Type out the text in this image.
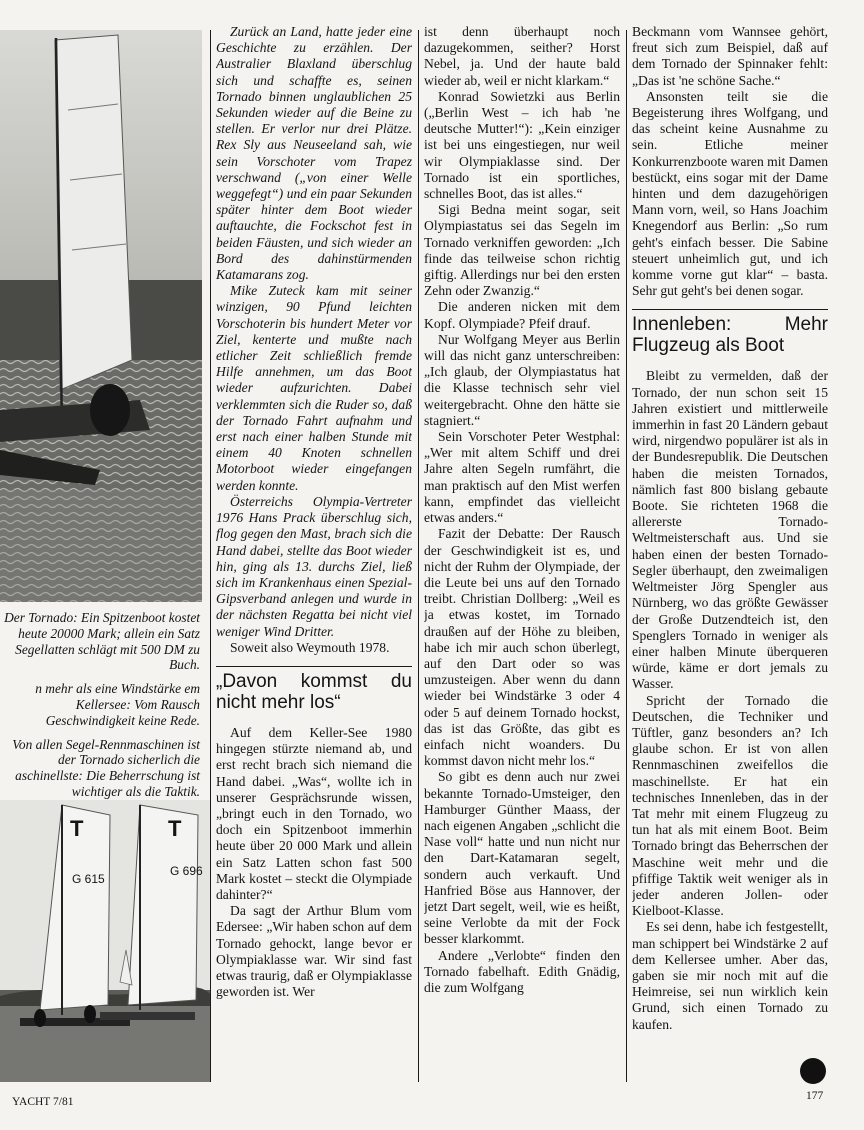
Der Tornado: Ein Spitzenboot kostet heute 20000 Mark; allein ein Satz Segellatten schlägt mit 500 DM zu Buch.

n mehr als eine Windstärke em Kellersee: Vom Rausch Geschwindigkeit keine Rede.

Von allen Segel-Rennmaschinen ist der Tornado sicherlich die aschinellste: Die Beherrschung ist wichtiger als die Taktik.

T
G 615
T
G 696

Zurück an Land, hatte jeder eine Geschichte zu erzählen. Der Australier Blaxland überschlug sich und schaffte es, seinen Tornado binnen unglaublichen 25 Sekunden wieder auf die Beine zu stellen. Er verlor nur drei Plätze. Rex Sly aus Neuseeland sah, wie sein Vorschoter vom Trapez verschwand („von einer Welle weggefegt“) und ein paar Sekunden später hinter dem Boot wieder auftauchte, die Fockschot fest in beiden Fäusten, und sich wieder an Bord des dahinstürmenden Katamarans zog.

Mike Zuteck kam mit seiner winzigen, 90 Pfund leichten Vorschoterin bis hundert Meter vor Ziel, kenterte und mußte nach etlicher Zeit schließlich fremde Hilfe annehmen, um das Boot wieder aufzurichten. Dabei verklemmten sich die Ruder so, daß der Tornado Fahrt aufnahm und erst nach einer halben Stunde mit einem 40 Knoten schnellen Motorboot wieder eingefangen werden konnte.

Österreichs Olympia-Vertreter 1976 Hans Prack überschlug sich, flog gegen den Mast, brach sich die Hand dabei, stellte das Boot wieder hin, ging als 13. durchs Ziel, ließ sich im Krankenhaus einen Spezial-Gipsverband anlegen und wurde in der nächsten Regatta bei nicht viel weniger Wind Dritter.

Soweit also Weymouth 1978.

„Davon kommst du nicht mehr los“

Auf dem Keller-See 1980 hingegen stürzte niemand ab, und erst recht brach sich niemand die Hand dabei. „Was“, wollte ich in unserer Gesprächsrunde wissen, „bringt euch in den Tornado, wo doch ein Spitzenboot immerhin heute über 20 000 Mark und allein ein Satz Latten schon fast 500 Mark kostet – steckt die Olympiade dahinter?“

Da sagt der Arthur Blum vom Edersee: „Wir haben schon auf dem Tornado gehockt, lange bevor er Olympiaklasse war. Wir sind fast etwas traurig, daß er Olympiaklasse geworden ist. Wer

ist denn überhaupt noch dazugekommen, seither? Horst Nebel, ja. Und der haute bald wieder ab, weil er nicht klarkam.“

Konrad Sowietzki aus Berlin („Berlin West – ich hab 'ne deutsche Mutter!“): „Kein einziger ist bei uns eingestiegen, nur weil wir Olympiaklasse sind. Der Tornado ist ein sportliches, schnelles Boot, das ist alles.“

Sigi Bedna meint sogar, seit Olympiastatus sei das Segeln im Tornado verkniffen geworden: „Ich finde das teilweise schon richtig giftig. Allerdings nur bei den ersten Zehn oder Zwanzig.“

Die anderen nicken mit dem Kopf. Olympiade? Pfeif drauf.

Nur Wolfgang Meyer aus Berlin will das nicht ganz unterschreiben: „Ich glaub, der Olympiastatus hat die Klasse technisch sehr viel weitergebracht. Ohne den hätte sie stagniert.“

Sein Vorschoter Peter Westphal: „Wer mit altem Schiff und drei Jahre alten Segeln rumfährt, die man praktisch auf den Mist werfen kann, empfindet das vielleicht etwas anders.“

Fazit der Debatte: Der Rausch der Geschwindigkeit ist es, und nicht der Ruhm der Olympiade, der die Leute bei uns auf den Tornado treibt. Christian Dollberg: „Weil es ja etwas kostet, im Tornado draußen auf der Höhe zu bleiben, habe ich mir auch schon überlegt, auf den Dart oder so was umzusteigen. Aber wenn du dann wieder bei Windstärke 3 oder 4 oder 5 auf deinem Tornado hockst, das ist das Größte, das gibt es einfach nicht woanders. Du kommst davon nicht mehr los.“

So gibt es denn auch nur zwei bekannte Tornado-Umsteiger, den Hamburger Günther Maass, der nach eigenen Angaben „schlicht die Nase voll“ hatte und nun nicht nur den Dart-Katamaran segelt, sondern auch verkauft. Und Hanfried Böse aus Hannover, der jetzt Dart segelt, weil, wie es heißt, seine Verlobte da mit der Fock besser klarkommt.

Andere „Verlobte“ finden den Tornado fabelhaft. Edith Gnädig, die zum Wolfgang

Beckmann vom Wannsee gehört, freut sich zum Beispiel, daß auf dem Tornado der Spinnaker fehlt: „Das ist 'ne schöne Sache.“

Ansonsten teilt sie die Begeisterung ihres Wolfgang, und das scheint keine Ausnahme zu sein. Etliche meiner Konkurrenzboote waren mit Damen bestückt, eins sogar mit der Dame hinten und dem dazugehörigen Mann vorn, weil, so Hans Joachim Knegendorf aus Berlin: „So rum geht's einfach besser. Die Sabine steuert unheimlich gut, und ich komme vorne gut klar“ – basta. Sehr gut geht's bei denen sogar.

Innenleben: Mehr Flugzeug als Boot

Bleibt zu vermelden, daß der Tornado, der nun schon seit 15 Jahren existiert und mittlerweile immerhin in fast 20 Ländern gebaut wird, nirgendwo populärer ist als in der Bundesrepublik. Die Deutschen haben die meisten Tornados, nämlich fast 800 bislang gebaute Boote. Sie richteten 1968 die allererste Tornado-Weltmeisterschaft aus. Und sie haben einen der besten Tornado-Segler überhaupt, den zweimaligen Weltmeister Jörg Spengler aus Nürnberg, wo das größte Gewässer der Große Dutzendteich ist, den Spenglers Tornado in weniger als einer halben Minute überqueren würde, käme er dort jemals zu Wasser.

Spricht der Tornado die Deutschen, die Techniker und Tüftler, ganz besonders an? Ich glaube schon. Er ist von allen Rennmaschinen zweifellos die maschinellste. Er hat ein technisches Innenleben, das in der Tat mehr mit einem Flugzeug zu tun hat als mit einem Boot. Beim Tornado bringt das Beherrschen der Maschine weit mehr und die pfiffige Taktik weit weniger als in jeder anderen Jollen- oder Kielboot-Klasse.

Es sei denn, habe ich festgestellt, man schippert bei Windstärke 2 auf dem Kellersee umher. Aber das, gaben sie mir noch mit auf die Heimreise, sei nun wirklich kein Grund, sich einen Tornado zu kaufen.

YACHT 7/81	177
